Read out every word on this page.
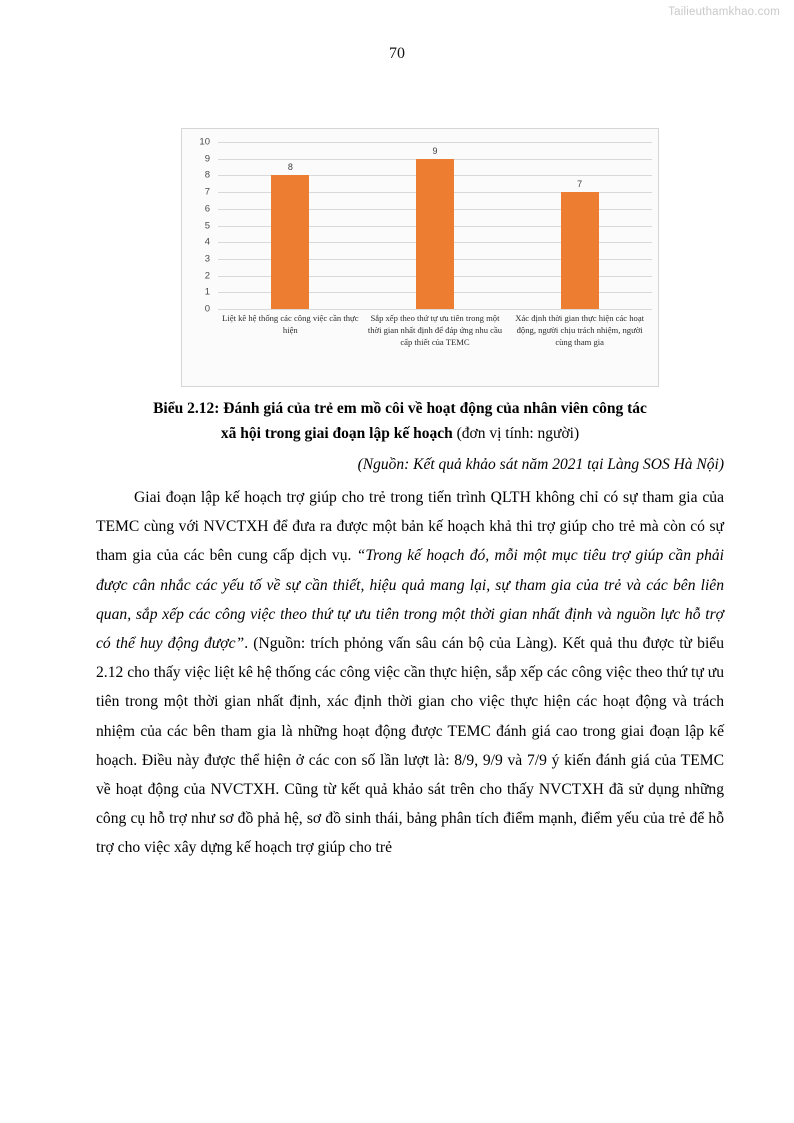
Tailieuthamkhao.com
70
10
9
8
7
6
5
4
3
2
1
0
8
9
7
Liệt kê hệ thống các công việc cần thực hiện
Sắp xếp theo thứ tự ưu tiên trong một thời gian nhất định để đáp ứng nhu cầu cấp thiết của TEMC
Xác định thời gian thực hiện các hoạt động, người chịu trách nhiệm, người cùng tham gia
Biểu 2.12: Đánh giá của trẻ em mồ côi về hoạt động của nhân viên công tác xã hội trong giai đoạn lập kế hoạch (đơn vị tính: người)
(Nguồn: Kết quả khảo sát năm 2021 tại Làng SOS Hà Nội)

Giai đoạn lập kế hoạch trợ giúp cho trẻ trong tiến trình QLTH không chỉ có sự tham gia của TEMC cùng với NVCTXH để đưa ra được một bản kế hoạch khả thi trợ giúp cho trẻ mà còn có sự tham gia của các bên cung cấp dịch vụ. “Trong kế hoạch đó, mỗi một mục tiêu trợ giúp cần phải được cân nhắc các yếu tố về sự cần thiết, hiệu quả mang lại, sự tham gia của trẻ và các bên liên quan, sắp xếp các công việc theo thứ tự ưu tiên trong một thời gian nhất định và nguồn lực hỗ trợ có thể huy động được”. (Nguồn: trích phỏng vấn sâu cán bộ của Làng). Kết quả thu được từ biểu 2.12 cho thấy việc liệt kê hệ thống các công việc cần thực hiện, sắp xếp các công việc theo thứ tự ưu tiên trong một thời gian nhất định, xác định thời gian cho việc thực hiện các hoạt động và trách nhiệm của các bên tham gia là những hoạt động được TEMC đánh giá cao trong giai đoạn lập kế hoạch. Điều này được thể hiện ở các con số lần lượt là: 8/9, 9/9 và 7/9 ý kiến đánh giá của TEMC về hoạt động của NVCTXH. Cũng từ kết quả khảo sát trên cho thấy NVCTXH đã sử dụng những công cụ hỗ trợ như sơ đồ phả hệ, sơ đồ sinh thái, bảng phân tích điểm mạnh, điểm yếu của trẻ để hỗ trợ cho việc xây dựng kế hoạch trợ giúp cho trẻ
